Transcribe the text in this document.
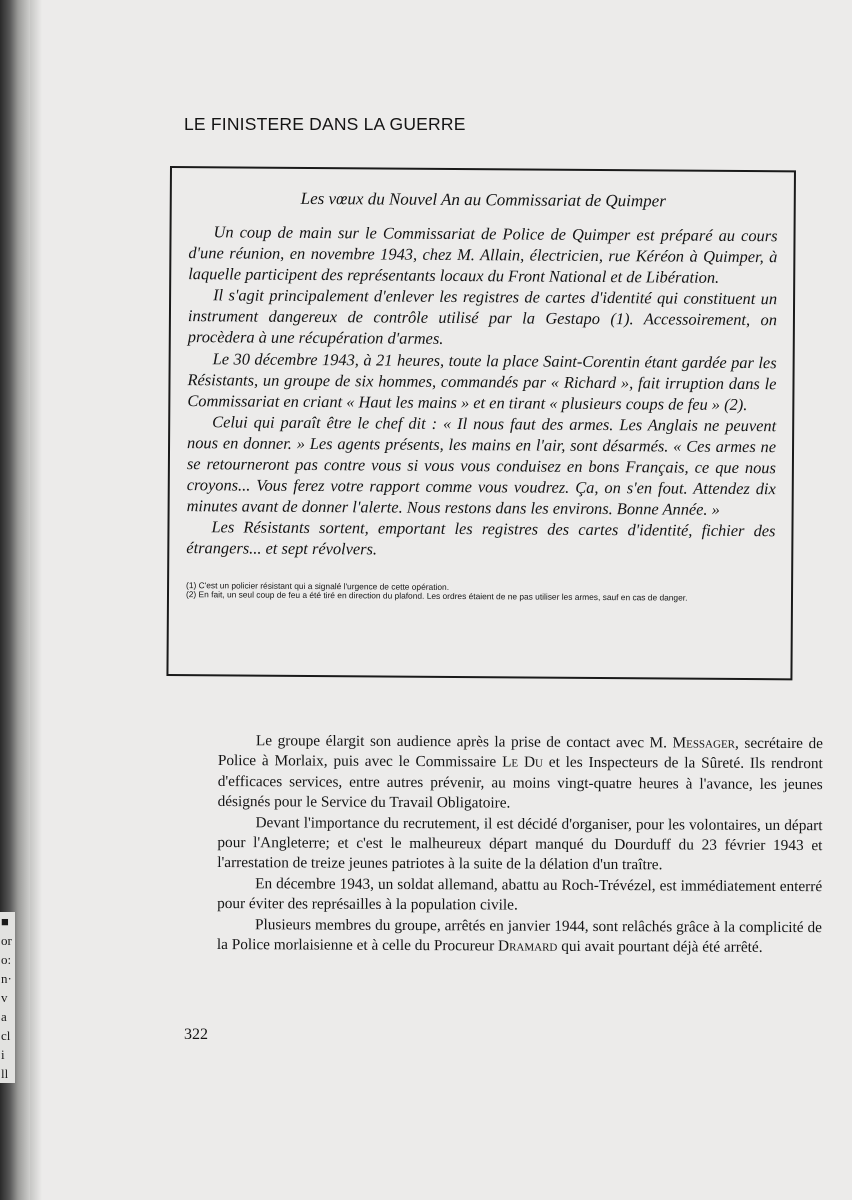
■
or
o:
n·
v
a
cl
i
ll
LE FINISTERE DANS LA GUERRE
Les vœux du Nouvel An au Commissariat de Quimper

Un coup de main sur le Commissariat de Police de Quimper est préparé au cours d'une réunion, en novembre 1943, chez M. Allain, électricien, rue Kéréon à Quimper, à laquelle participent des représentants locaux du Front National et de Libération.

Il s'agit principalement d'enlever les registres de cartes d'identité qui constituent un instrument dangereux de contrôle utilisé par la Gestapo (1). Accessoirement, on procèdera à une récupération d'armes.

Le 30 décembre 1943, à 21 heures, toute la place Saint-Corentin étant gardée par les Résistants, un groupe de six hommes, commandés par « Richard », fait irruption dans le Commissariat en criant « Haut les mains » et en tirant « plusieurs coups de feu » (2).

Celui qui paraît être le chef dit : « Il nous faut des armes. Les Anglais ne peuvent nous en donner. » Les agents présents, les mains en l'air, sont désarmés. « Ces armes ne se retourneront pas contre vous si vous vous conduisez en bons Français, ce que nous croyons... Vous ferez votre rapport comme vous voudrez. Ça, on s'en fout. Attendez dix minutes avant de donner l'alerte. Nous restons dans les environs. Bonne Année. »

Les Résistants sortent, emportant les registres des cartes d'identité, fichier des étrangers... et sept révolvers.

(1) C'est un policier résistant qui a signalé l'urgence de cette opération.
(2) En fait, un seul coup de feu a été tiré en direction du plafond. Les ordres étaient de ne pas utiliser les armes, sauf en cas de danger.

Le groupe élargit son audience après la prise de contact avec M. Messager, secrétaire de Police à Morlaix, puis avec le Commissaire Le Du et les Inspecteurs de la Sûreté. Ils rendront d'efficaces services, entre autres prévenir, au moins vingt-quatre heures à l'avance, les jeunes désignés pour le Service du Travail Obligatoire.

Devant l'importance du recrutement, il est décidé d'organiser, pour les volontaires, un départ pour l'Angleterre; et c'est le malheureux départ manqué du Dourduff du 23 février 1943 et l'arrestation de treize jeunes patriotes à la suite de la délation d'un traître.

En décembre 1943, un soldat allemand, abattu au Roch-Trévézel, est immédiatement enterré pour éviter des représailles à la population civile.

Plusieurs membres du groupe, arrêtés en janvier 1944, sont relâchés grâce à la complicité de la Police morlaisienne et à celle du Procureur Dramard qui avait pourtant déjà été arrêté.

322
